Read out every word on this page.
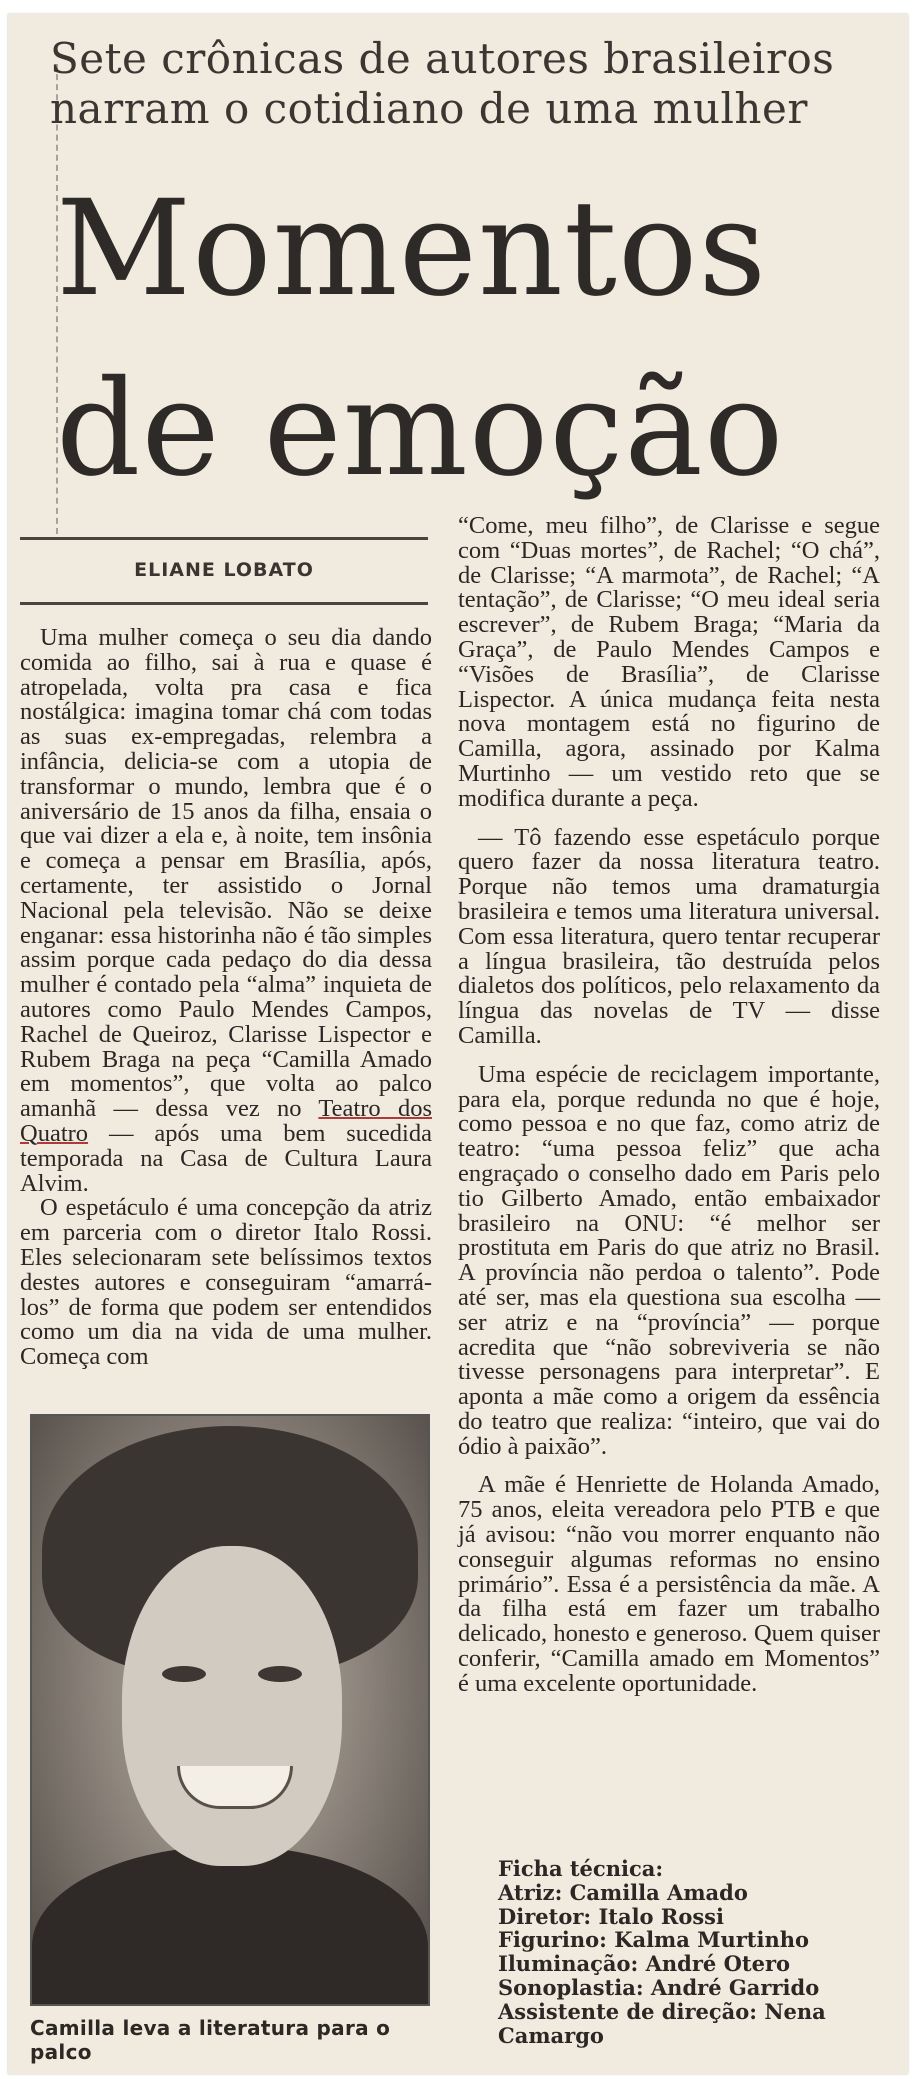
Sete crônicas de autores brasileiros
narram o cotidiano de uma mulher
Momentos
de emoção
ELIANE LOBATO

Uma mulher começa o seu dia dando comida ao filho, sai à rua e quase é atropelada, volta pra casa e fica nostálgica: imagina tomar chá com todas as suas ex-empregadas, relembra a infância, delicia-se com a utopia de transformar o mundo, lembra que é o aniversário de 15 anos da filha, ensaia o que vai dizer a ela e, à noite, tem insônia e começa a pensar em Brasília, após, certamente, ter assistido o Jornal Nacional pela televisão. Não se deixe enganar: essa historinha não é tão simples assim porque cada pedaço do dia dessa mulher é contado pela “alma” inquieta de autores como Paulo Mendes Campos, Rachel de Queiroz, Clarisse Lispector e Rubem Braga na peça “Camilla Amado em momentos”, que volta ao palco amanhã — dessa vez no Teatro dos Quatro — após uma bem sucedida temporada na Casa de Cultura Laura Alvim.

O espetáculo é uma concepção da atriz em parceria com o diretor Italo Rossi. Eles selecionaram sete belíssimos textos destes autores e conseguiram “amarrá-los” de forma que podem ser entendidos como um dia na vida de uma mulher. Começa com

Camilla leva a literatura para o palco

“Come, meu filho”, de Clarisse e segue com “Duas mortes”, de Rachel; “O chá”, de Clarisse; “A marmota”, de Rachel; “A tentação”, de Clarisse; “O meu ideal seria escrever”, de Rubem Braga; “Maria da Graça”, de Paulo Mendes Campos e “Visões de Brasília”, de Clarisse Lispector. A única mudança feita nesta nova montagem está no figurino de Camilla, agora, assinado por Kalma Murtinho — um vestido reto que se modifica durante a peça.

— Tô fazendo esse espetáculo porque quero fazer da nossa literatura teatro. Porque não temos uma dramaturgia brasileira e temos uma literatura universal. Com essa literatura, quero tentar recuperar a língua brasileira, tão destruída pelos dialetos dos políticos, pelo relaxamento da língua das novelas de TV — disse Camilla.

Uma espécie de reciclagem importante, para ela, porque redunda no que é hoje, como pessoa e no que faz, como atriz de teatro: “uma pessoa feliz” que acha engraçado o conselho dado em Paris pelo tio Gilberto Amado, então embaixador brasileiro na ONU: “é melhor ser prostituta em Paris do que atriz no Brasil. A província não perdoa o talento”. Pode até ser, mas ela questiona sua escolha — ser atriz e na “província” — porque acredita que “não sobreviveria se não tivesse personagens para interpretar”. E aponta a mãe como a origem da essência do teatro que realiza: “inteiro, que vai do ódio à paixão”.

A mãe é Henriette de Holanda Amado, 75 anos, eleita vereadora pelo PTB e que já avisou: “não vou morrer enquanto não conseguir algumas reformas no ensino primário”. Essa é a persistência da mãe. A da filha está em fazer um trabalho delicado, honesto e generoso. Quem quiser conferir, “Camilla amado em Momentos” é uma excelente oportunidade.

Ficha técnica:
Atriz: Camilla Amado
Diretor: Italo Rossi
Figurino: Kalma Murtinho
Iluminação: André Otero
Sonoplastia: André Garrido
Assistente de direção: Nena Camargo
